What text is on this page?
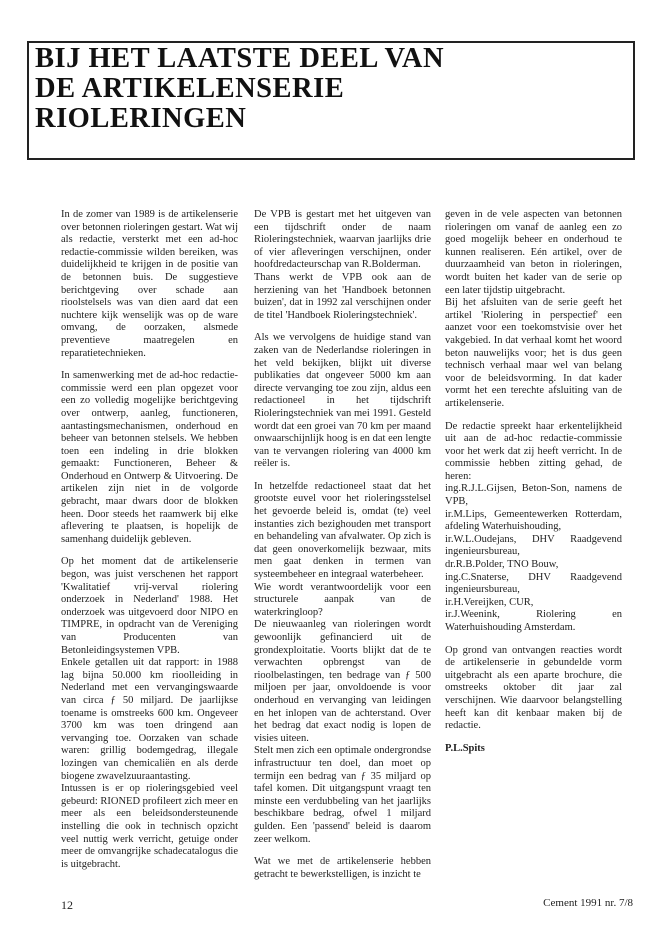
BIJ HET LAATSTE DEEL VAN
DE ARTIKELENSERIE
RIOLERINGEN

In de zomer van 1989 is de artikelenserie over betonnen rioleringen gestart. Wat wij als redactie, versterkt met een ad-hoc redactie-commissie wilden bereiken, was duidelijkheid te krijgen in de positie van de betonnen buis. De suggestieve berichtgeving over schade aan rioolstelsels was van dien aard dat een nuchtere kijk wenselijk was op de ware omvang, de oorzaken, alsmede preventieve maatregelen en reparatietechnieken.

In samenwerking met de ad-hoc redactie-commissie werd een plan opgezet voor een zo volledig mogelijke berichtgeving over ontwerp, aanleg, functioneren, aantastingsmechanismen, onderhoud en beheer van betonnen stelsels. We hebben toen een indeling in drie blokken gemaakt: Functioneren, Beheer & Onderhoud en Ontwerp & Uitvoering. De artikelen zijn niet in de volgorde gebracht, maar dwars door de blokken heen. Door steeds het raamwerk bij elke aflevering te plaatsen, is hopelijk de samenhang duidelijk gebleven.

Op het moment dat de artikelenserie begon, was juist verschenen het rapport 'Kwalitatief vrij-verval riolering onderzoek in Nederland' 1988. Het onderzoek was uitgevoerd door NIPO en TIMPRE, in opdracht van de Vereniging van Producenten van Betonleidingsystemen VPB.

Enkele getallen uit dat rapport: in 1988 lag bijna 50.000 km rioolleiding in Nederland met een vervangingswaarde van circa ƒ 50 miljard. De jaarlijkse toename is omstreeks 600 km. Ongeveer 3700 km was toen dringend aan vervanging toe. Oorzaken van schade waren: grillig bodemgedrag, illegale lozingen van chemicaliën en als derde biogene zwavelzuuraantasting.

Intussen is er op rioleringsgebied veel gebeurd: RIONED profileert zich meer en meer als een beleidsondersteunende instelling die ook in technisch opzicht veel nuttig werk verricht, getuige onder meer de omvangrijke schadecatalogus die is uitgebracht.

De VPB is gestart met het uitgeven van een tijdschrift onder de naam Rioleringstechniek, waarvan jaarlijks drie of vier afleveringen verschijnen, onder hoofdredacteurschap van R.Bolderman.

Thans werkt de VPB ook aan de herziening van het 'Handboek betonnen buizen', dat in 1992 zal verschijnen onder de titel 'Handboek Rioleringstechniek'.

Als we vervolgens de huidige stand van zaken van de Nederlandse rioleringen in het veld bekijken, blijkt uit diverse publikaties dat ongeveer 5000 km aan directe vervanging toe zou zijn, aldus een redactioneel in het tijdschrift Rioleringstechniek van mei 1991. Gesteld wordt dat een groei van 70 km per maand onwaarschijnlijk hoog is en dat een lengte van te vervangen riolering van 4000 km reëler is.

In hetzelfde redactioneel staat dat het grootste euvel voor het rioleringsstelsel het gevoerde beleid is, omdat (te) veel instanties zich bezighouden met transport en behandeling van afvalwater. Op zich is dat geen onoverkomelijk bezwaar, mits men gaat denken in termen van systeembeheer en integraal waterbeheer.

Wie wordt verantwoordelijk voor een structurele aanpak van de waterkringloop?

De nieuwaanleg van rioleringen wordt gewoonlijk gefinancierd uit de grondexploitatie. Voorts blijkt dat de te verwachten opbrengst van de rioolbelastingen, ten bedrage van ƒ 500 miljoen per jaar, onvoldoende is voor onderhoud en vervanging van leidingen en het inlopen van de achterstand. Over het bedrag dat exact nodig is lopen de visies uiteen.

Stelt men zich een optimale ondergrondse infrastructuur ten doel, dan moet op termijn een bedrag van ƒ 35 miljard op tafel komen. Dit uitgangspunt vraagt ten minste een verdubbeling van het jaarlijks beschikbare bedrag, ofwel 1 miljard gulden. Een 'passend' beleid is daarom zeer welkom.

Wat we met de artikelenserie hebben getracht te bewerkstelligen, is inzicht te

geven in de vele aspecten van betonnen rioleringen om vanaf de aanleg een zo goed mogelijk beheer en onderhoud te kunnen realiseren. Eén artikel, over de duurzaamheid van beton in rioleringen, wordt buiten het kader van de serie op een later tijdstip uitgebracht.

Bij het afsluiten van de serie geeft het artikel 'Riolering in perspectief' een aanzet voor een toekomstvisie over het vakgebied. In dat verhaal komt het woord beton nauwelijks voor; het is dus geen technisch verhaal maar wel van belang voor de beleidsvorming. In dat kader vormt het een terechte afsluiting van de artikelenserie.

De redactie spreekt haar erkentelijkheid uit aan de ad-hoc redactie-commissie voor het werk dat zij heeft verricht. In de commissie hebben zitting gehad, de heren:

ing.R.J.L.Gijsen, Beton-Son, namens de VPB,

ir.M.Lips, Gemeentewerken Rotterdam, afdeling Waterhuishouding,

ir.W.L.Oudejans, DHV Raadgevend ingenieursbureau,

dr.R.B.Polder, TNO Bouw,

ing.C.Snaterse, DHV Raadgevend ingenieursbureau,

ir.H.Vereijken, CUR,

ir.J.Weenink, Riolering en Waterhuishouding Amsterdam.

Op grond van ontvangen reacties wordt de artikelenserie in gebundelde vorm uitgebracht als een aparte brochure, die omstreeks oktober dit jaar zal verschijnen. Wie daarvoor belangstelling heeft kan dit kenbaar maken bij de redactie.

P.L.Spits

12	Cement 1991 nr. 7/8
